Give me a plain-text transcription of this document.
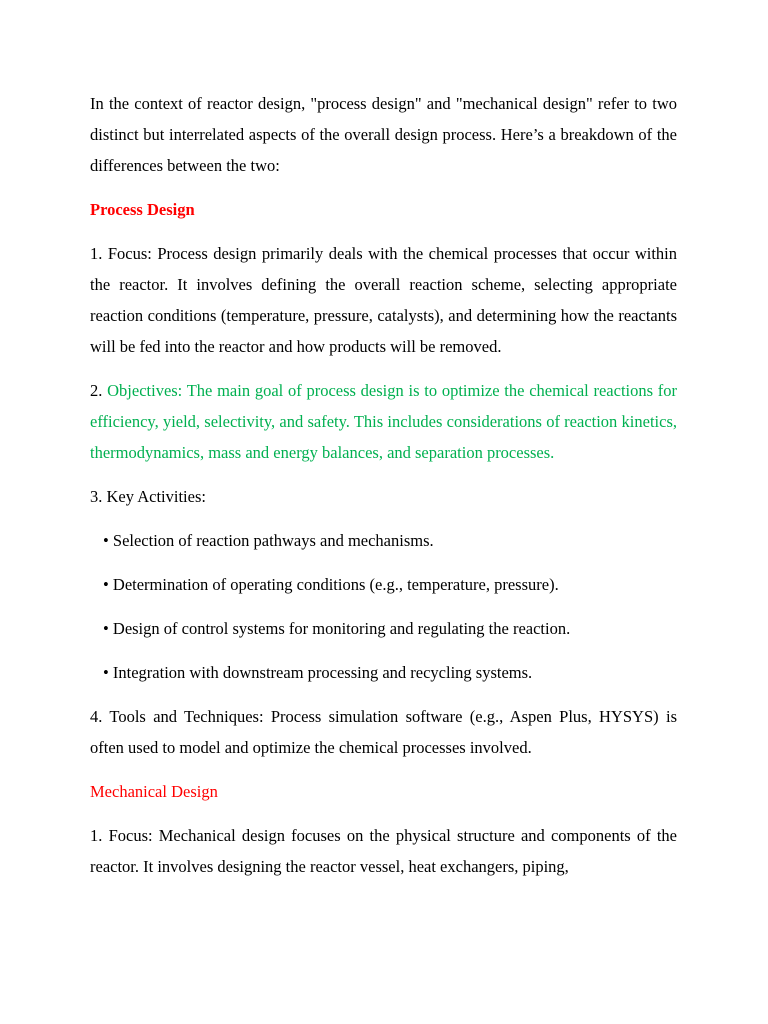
In the context of reactor design, "process design" and "mechanical design" refer to two distinct but interrelated aspects of the overall design process. Here’s a breakdown of the differences between the two:

Process Design

1. Focus: Process design primarily deals with the chemical processes that occur within the reactor. It involves defining the overall reaction scheme, selecting appropriate reaction conditions (temperature, pressure, catalysts), and determining how the reactants will be fed into the reactor and how products will be removed.

2. Objectives: The main goal of process design is to optimize the chemical reactions for efficiency, yield, selectivity, and safety. This includes considerations of reaction kinetics, thermodynamics, mass and energy balances, and separation processes.

3. Key Activities:

• Selection of reaction pathways and mechanisms.

• Determination of operating conditions (e.g., temperature, pressure).

• Design of control systems for monitoring and regulating the reaction.

• Integration with downstream processing and recycling systems.

4. Tools and Techniques: Process simulation software (e.g., Aspen Plus, HYSYS) is often used to model and optimize the chemical processes involved.

Mechanical Design

1. Focus: Mechanical design focuses on the physical structure and components of the reactor. It involves designing the reactor vessel, heat exchangers, piping,
